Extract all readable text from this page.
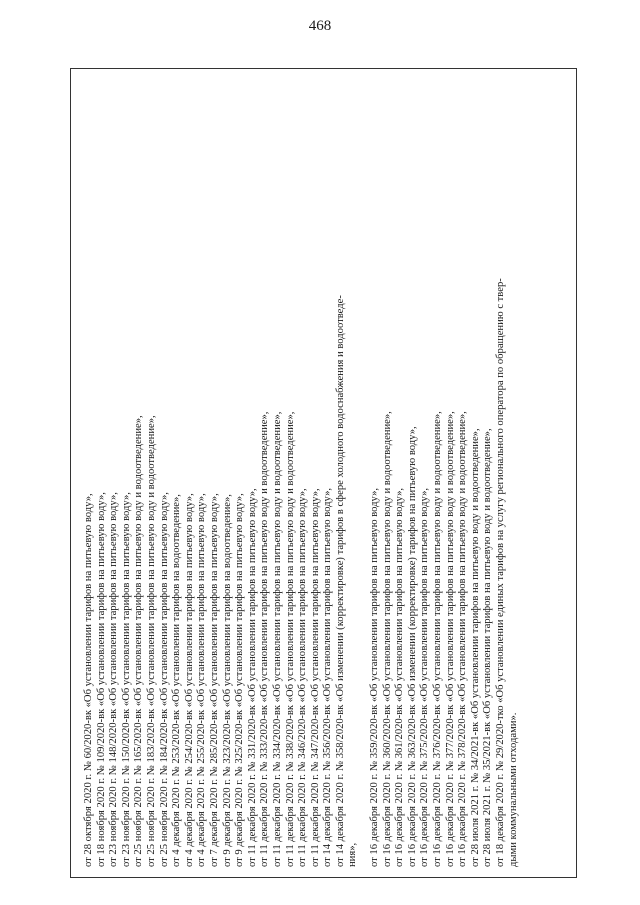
468
от 28 октября 2020 г. № 60/2020-вк «Об установлении тарифов на питьевую воду», от 18 ноября 2020 г. № 109/2020-вк «Об установлении тарифов на питьевую воду», от 23 ноября 2020 г. № 148/2020-вк «Об установлении тарифов на питьевую воду», от 23 ноября 2020 г. № 150/2020-вк «Об установлении тарифов на питьевую воду», от 25 ноября 2020 г. № 165/2020-вк «Об установлении тарифов на питьевую воду и водоотведение», от 25 ноября 2020 г. № 183/2020-вк «Об установлении тарифов на питьевую воду и водоотведение», от 25 ноября 2020 г. № 184/2020-вк «Об установлении тарифов на питьевую воду», от 4 декабря 2020 г. № 253/2020-вк «Об установлении тарифов на водоотведение», от 4 декабря 2020 г. № 254/2020-вк «Об установлении тарифов на питьевую воду», от 4 декабря 2020 г. № 255/2020-вк «Об установлении тарифов на питьевую воду», от 7 декабря 2020 г. № 285/2020-вк «Об установлении тарифов на питьевую воду», от 9 декабря 2020 г. № 323/2020-вк «Об установлении тарифов на водоотведение», от 9 декабря 2020 г. № 325/2020-вк «Об установлении тарифов на питьевую воду», от 11 декабря 2020 г. № 331/2020-вк «Об установлении тарифов на питьевую воду», от 11 декабря 2020 г. № 333/2020-вк «Об установлении тарифов на питьевую воду и водоотведение», от 11 декабря 2020 г. № 334/2020-вк «Об установлении тарифов на питьевую воду и водоотведение», от 11 декабря 2020 г. № 338/2020-вк «Об установлении тарифов на питьевую воду и водоотведение», от 11 декабря 2020 г. № 346/2020-вк «Об установлении тарифов на питьевую воду», от 11 декабря 2020 г. № 347/2020-вк «Об установлении тарифов на питьевую воду», от 14 декабря 2020 г. № 356/2020-вк «Об установлении тарифов на питьевую воду», от 14 декабря 2020 г. № 358/2020-вк «Об изменении (корректировке) тарифов в сфере холодного водоснабжения и водоотведе- ния», от 16 декабря 2020 г. № 359/2020-вк «Об установлении тарифов на питьевую воду», от 16 декабря 2020 г. № 360/2020-вк «Об установлении тарифов на питьевую воду и водоотведение», от 16 декабря 2020 г. № 361/2020-вк «Об установлении тарифов на питьевую воду», от 16 декабря 2020 г. № 363/2020-вк «Об изменении (корректировке) тарифов на питьевую воду», от 16 декабря 2020 г. № 375/2020-вк «Об установлении тарифов на питьевую воду», от 16 декабря 2020 г. № 376/2020-вк «Об установлении тарифов на питьевую воду и водоотведение», от 16 декабря 2020 г. № 377/2020-вк «Об установлении тарифов на питьевую воду и водоотведение», от 16 декабря 2020 г. № 378/2020-вк «Об установлении тарифов на питьевую воду и водоотведение», от 28 июля 2021 г. № 34/2021-вк «Об установлении тарифов на питьевую воду и водоотведение», от 28 июля 2021 г. № 35/2021-вк «Об установлении тарифов на питьевую воду и водоотведение», от 18 декабря 2020 г. № 29/2020-тко «Об установлении единых тарифов на услугу регионального оператора по обращению с твер- дыми коммунальными отходами».
